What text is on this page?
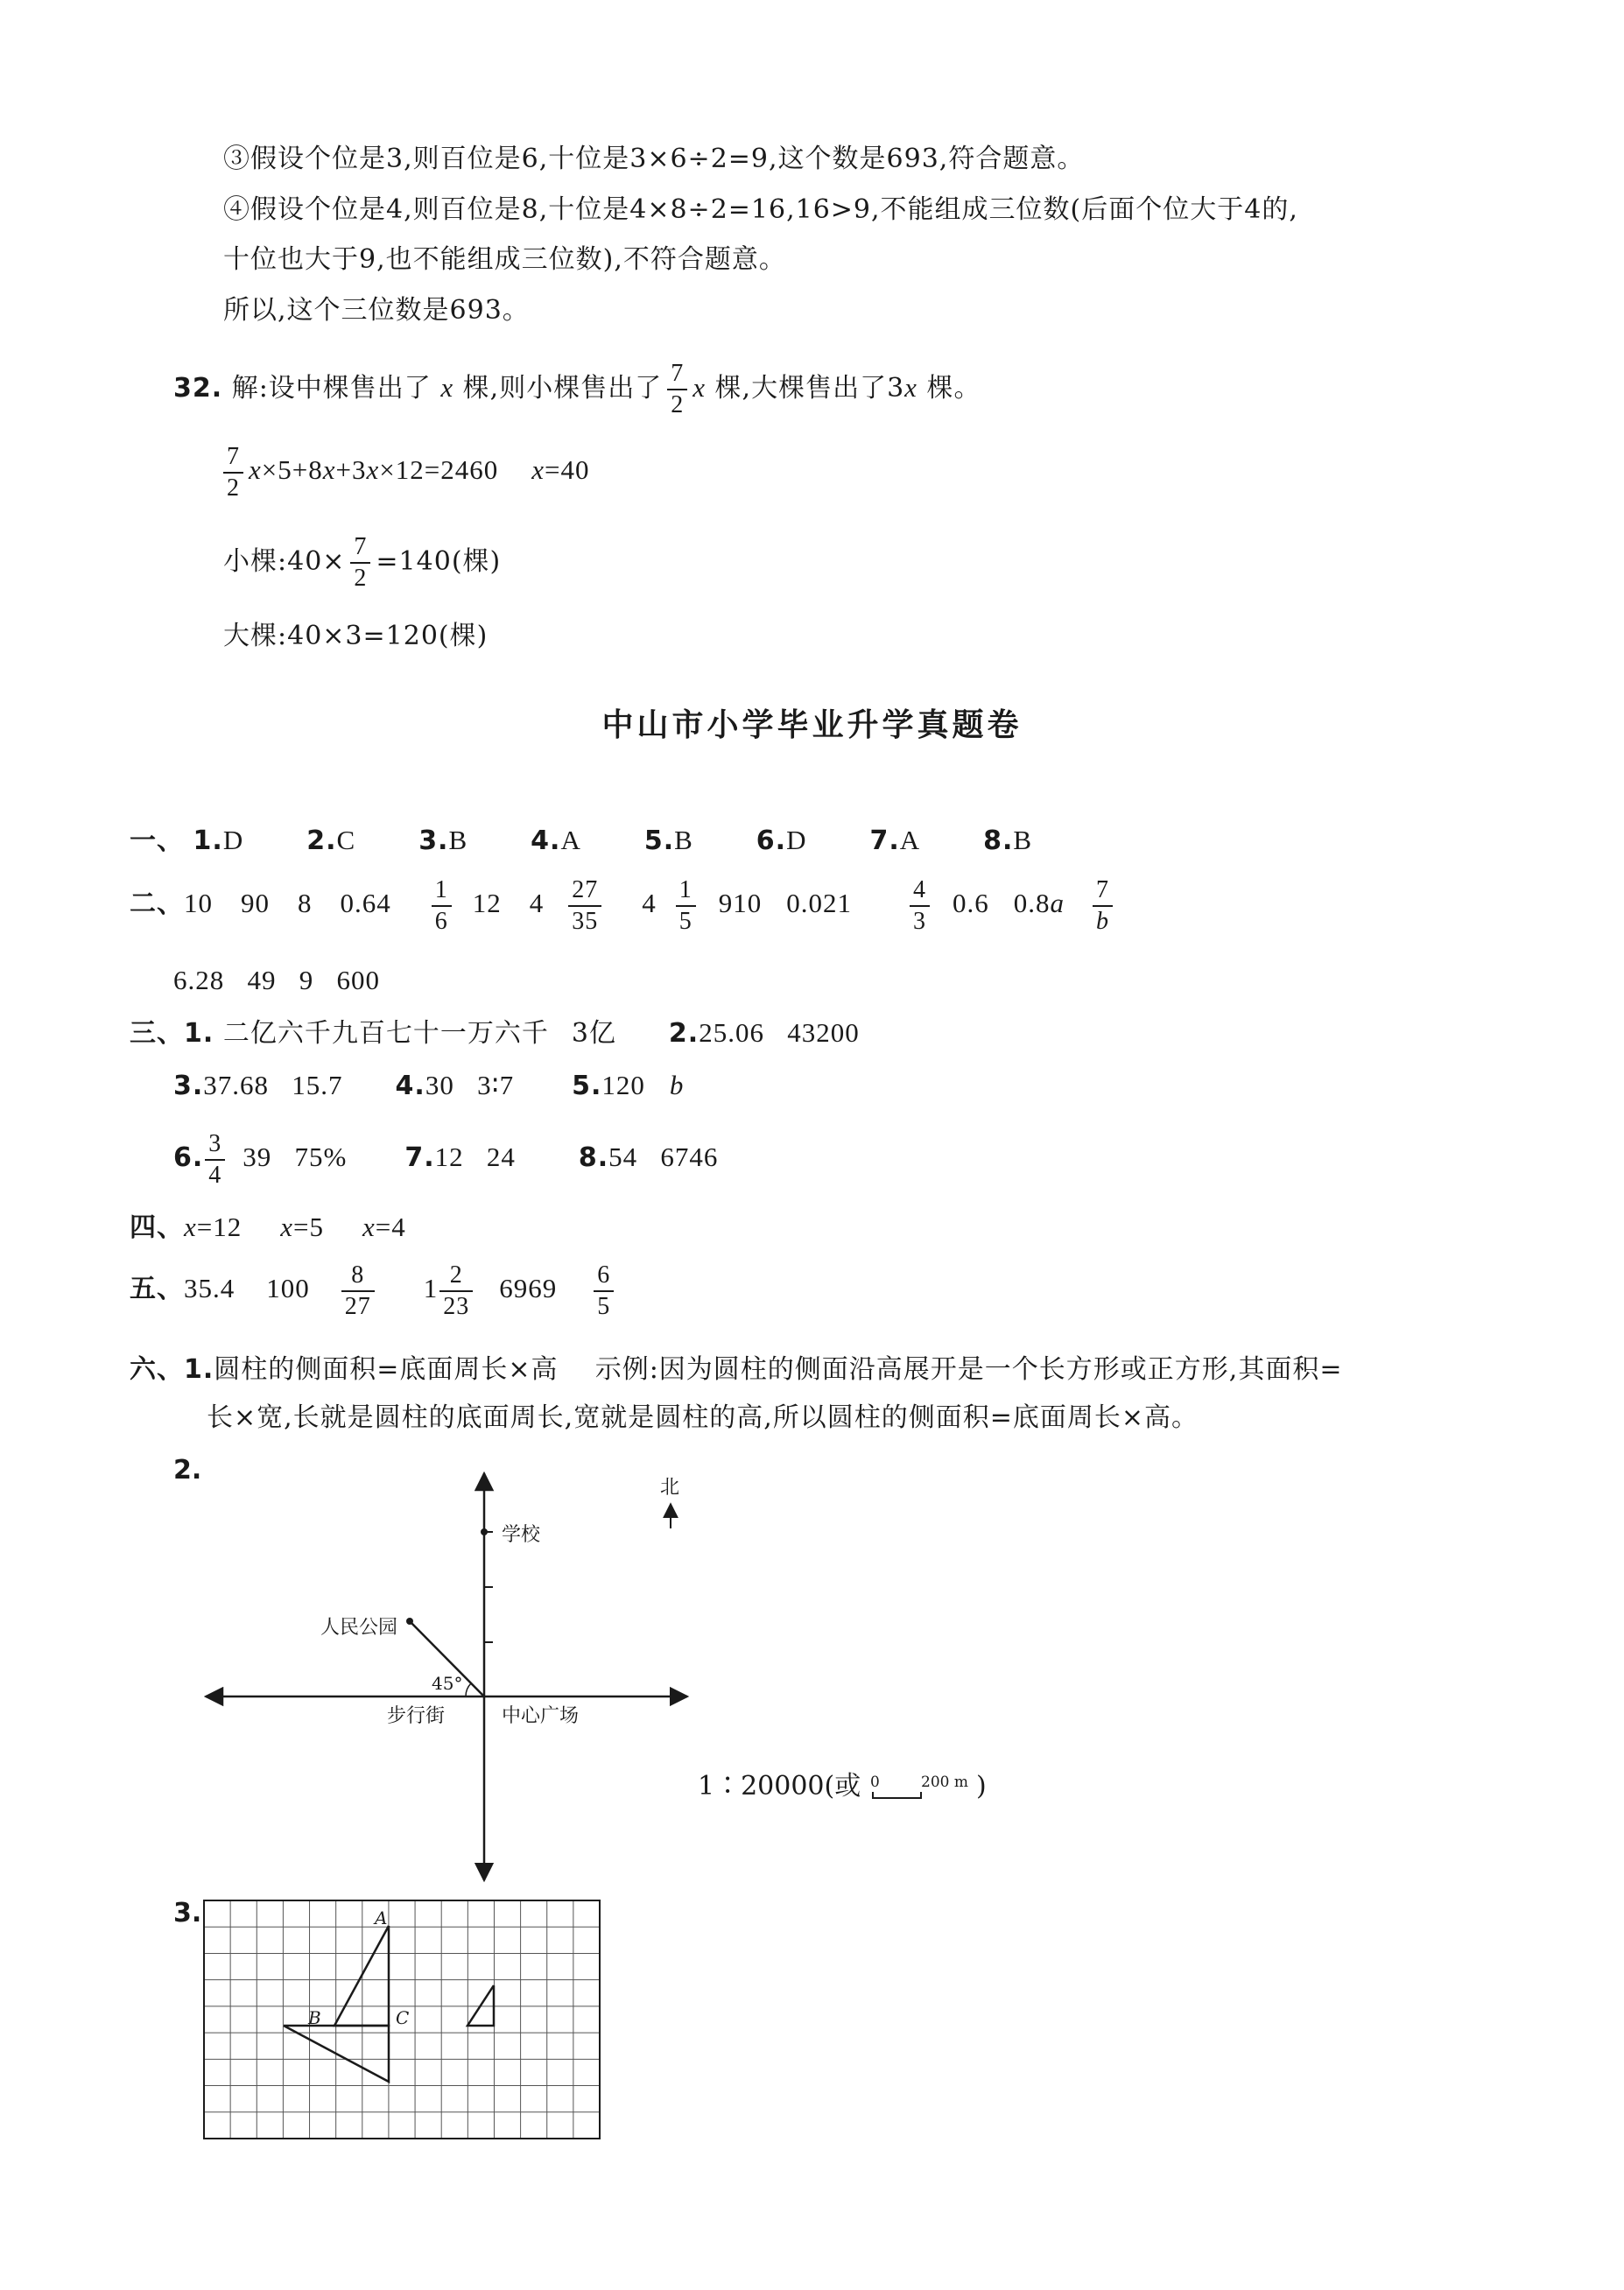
③假设个位是3,则百位是6,十位是3×6÷2=9,这个数是693,符合题意。
④假设个位是4,则百位是8,十位是4×8÷2=16,16>9,不能组成三位数(后面个位大于4的,
十位也大于9,也不能组成三位数),不符合题意。
所以,这个三位数是693。
32. 解:设中棵售出了 x 棵,则小棵售出了 $\frac{7}{2}$ x 棵,大棵售出了3x 棵。
$\frac{7}{2} x\times 5+8x+3x\times 12=2460$ x=40
小棵:40× $\frac{7}{2} =140$(棵)
大棵:40×3=120(棵)
中山市小学毕业升学真题卷
一、 1.D 2.C 3.B 4.A 5.B 6.D 7.A 8.B
二、10 90 8 $0.64 \frac{1}{6} 12$ $4 \frac{27}{35} 4 \frac{1}{5} 910$ $0.021 \frac{4}{3} 0.6$ $0.8a \frac{7}{b}$
6.28   49   9   600
三、1. 二亿六千九百七十一万六千 3亿 2.25.06   43200
3.37.68   15.7 4.30   3∶7 5.120 b
6. $\frac{3}{4} 39$   75% 7.12   24 8.54   6746
四、x=12 x=5 x=4
五、35.4 $100 \frac{8}{27} 1 \frac{2}{23} 6969 \frac{6}{5}$
六、1.圆柱的侧面积=底面周长×高    示例:因为圆柱的侧面沿高展开是一个长方形或正方形,其面积=
长×宽,长就是圆柱的底面周长,宽就是圆柱的高,所以圆柱的侧面积=底面周长×高。
2.
3.
学校
北
人民公园
45°
步行街	中心广场
1∶20000(或 0	200 m )
A
B	C
